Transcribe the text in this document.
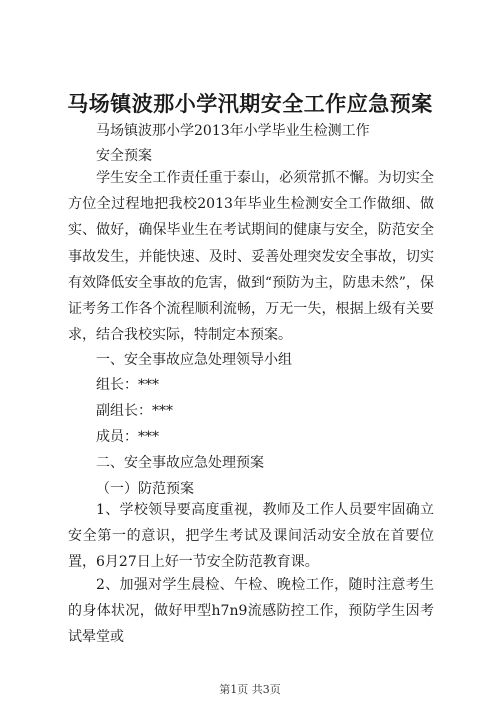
马场镇波那小学汛期安全工作应急预案

马场镇波那小学2013年小学毕业生检测工作

安全预案

学生安全工作责任重于泰山，必须常抓不懈。为切实全方位全过程地把我校2013年毕业生检测安全工作做细、做实、做好，确保毕业生在考试期间的健康与安全，防范安全事故发生，并能快速、及时、妥善处理突发安全事故，切实有效降低安全事故的危害，做到“预防为主，防患未然”，保证考务工作各个流程顺利流畅，万无一失，根据上级有关要求，结合我校实际，特制定本预案。

一、安全事故应急处理领导小组

组长：***

副组长：***

成员：***

二、安全事故应急处理预案

（一）防范预案

1、学校领导要高度重视，教师及工作人员要牢固确立安全第一的意识，把学生考试及课间活动安全放在首要位置，6月27日上好一节安全防范教育课。

2、加强对学生晨检、午检、晚检工作，随时注意考生的身体状况，做好甲型h7n9流感防控工作，预防学生因考试晕堂或

第1页 共3页
